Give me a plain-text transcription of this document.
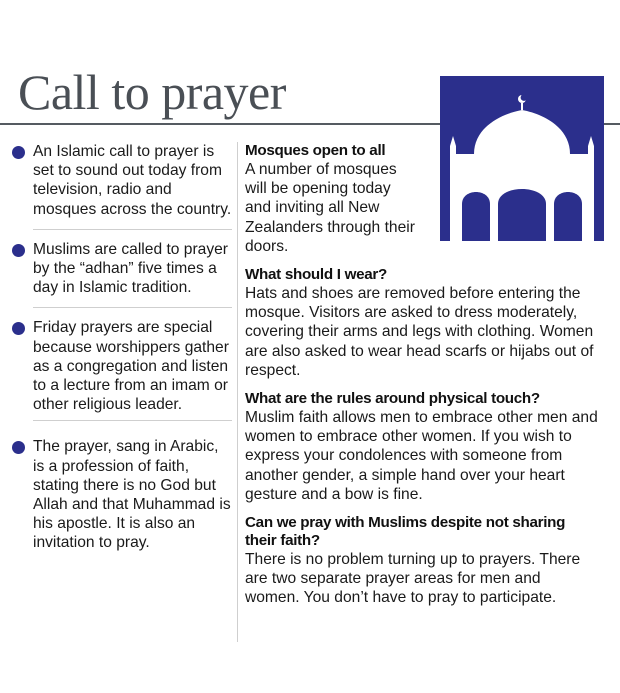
Call to prayer
An Islamic call to prayer is set to sound out today from television, radio and mosques across the country.
Muslims are called to prayer by the “adhan” five times a day in Islamic tradition.
Friday prayers are special because worshippers gather as a congregation and listen to a lecture from an imam or other religious leader.
The prayer, sang in Arabic, is a profession of faith, stating there is no God but Allah and that Muhammad is his apostle. It is also an invitation to pray.
Mosques open to all

A number of mosques will be opening today and inviting all New Zealanders through their doors.

What should I wear?

Hats and shoes are removed before entering the mosque. Visitors are asked to dress moderately, covering their arms and legs with clothing. Women are also asked to wear head scarfs or hijabs out of respect.

What are the rules around physical touch?

Muslim faith allows men to embrace other men and women to embrace other women. If you wish to express your condolences with someone from another gender, a simple hand over your heart gesture and a bow is fine.

Can we pray with Muslims despite not sharing their faith?

There is no problem turning up to prayers. There are two separate prayer areas for men and women. You don’t have to pray to participate.
